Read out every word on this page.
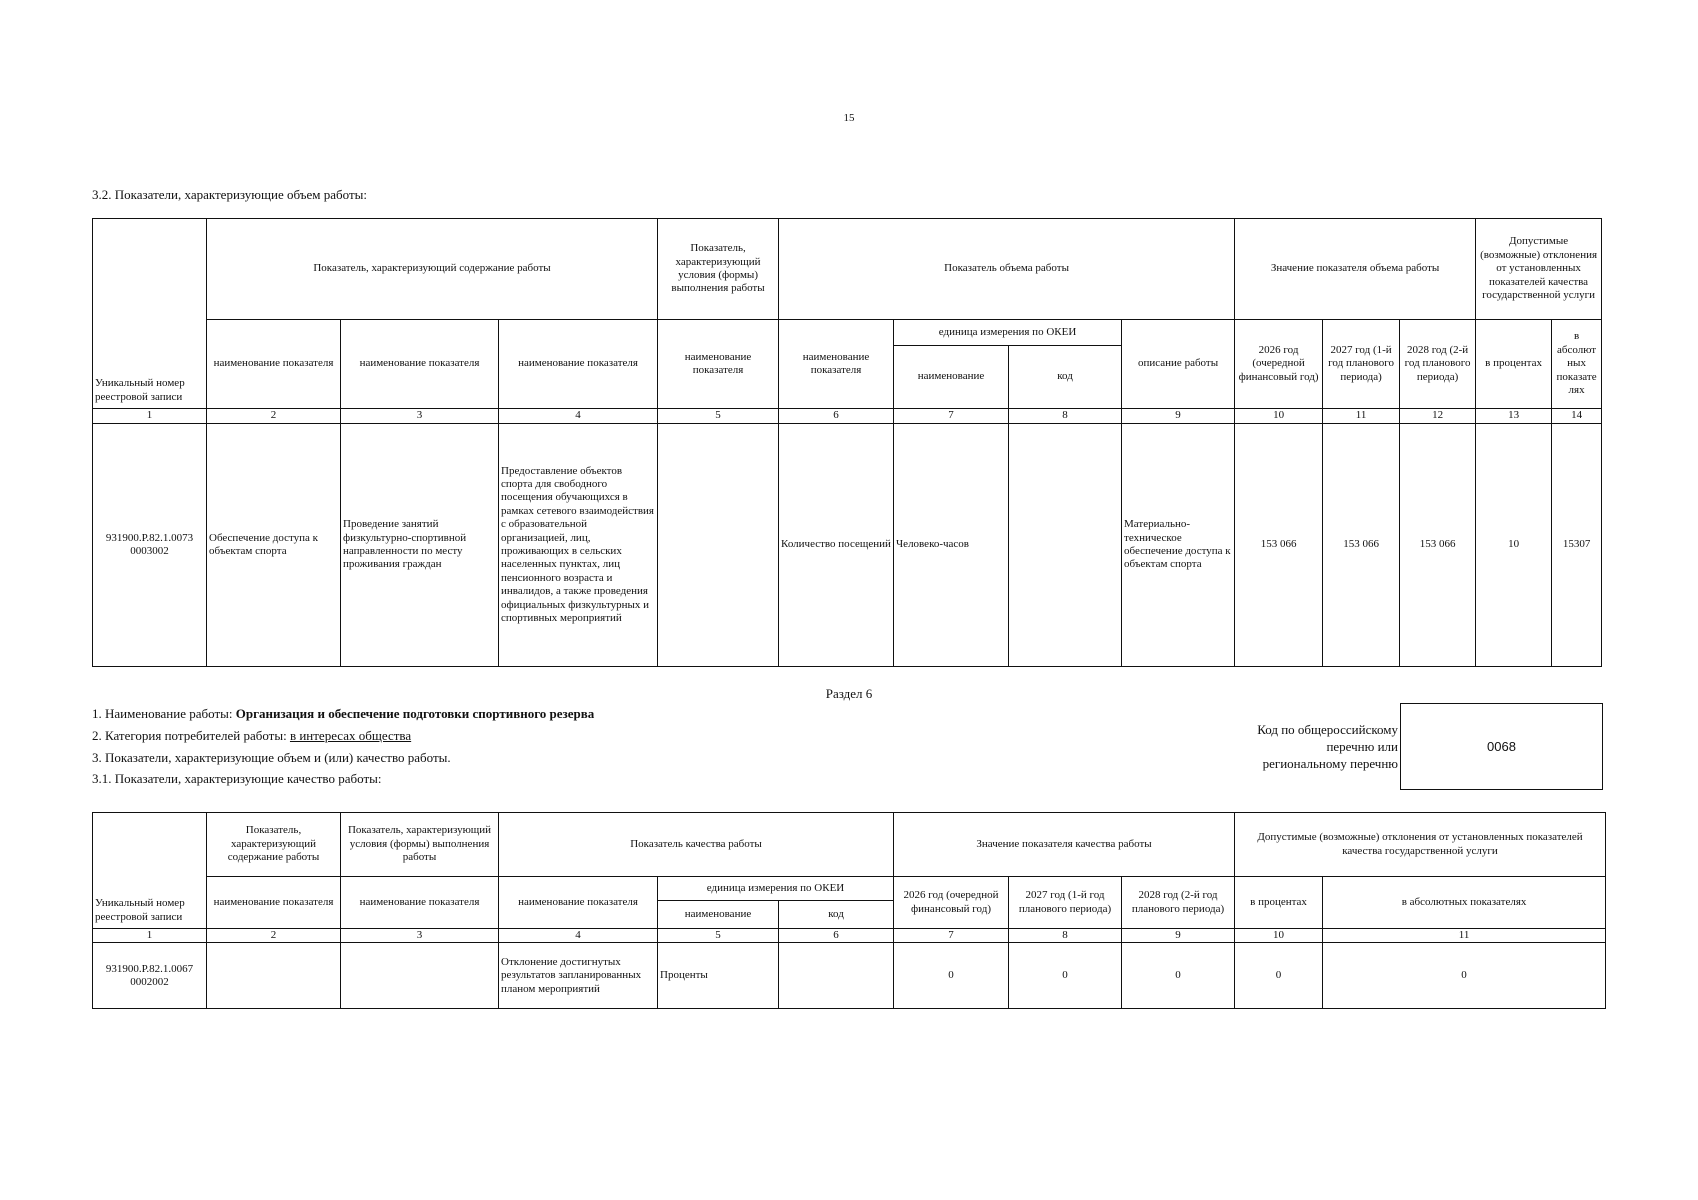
15
3.2. Показатели, характеризующие объем работы:
Уникальный номер реестровой записи	Показатель, характеризующий содержание работы			Показатель, характеризующий условия (формы) выполнения работы	Показатель объема работы				Значение показателя объема работы			Допустимые (возможные) отклонения от установленных показателей качества государственной услуги	
	наименование показателя	наименование показателя	наименование показателя	наименование показателя	наименование показателя	единица измерения по ОКЕИ		описание работы	2026 год (очередной финансовый год)	2027 год (1-й год планового периода)	2028 год (2-й год планового периода)	в процентах	в абсолют ных показате лях
						наименование	код						
1	2	3	4	5	6	7	8	9	10	11	12	13	14
931900.Р.82.1.0073 0003002	Обеспечение доступа к объектам спорта	Проведение занятий физкультурно-спортивной направленности по месту проживания граждан	Предоставление объектов спорта для свободного посещения обучающихся в рамках сетевого взаимодействия с образовательной организацией, лиц, проживающих в сельских населенных пунктах, лиц пенсионного возраста и инвалидов, а также проведения официальных физкультурных и спортивных мероприятий		Количество посещений	Человеко-часов		Материально-техническое обеспечение доступа к объектам спорта	153 066	153 066	153 066	10	15307
Раздел 6
1. Наименование работы: Организация и обеспечение подготовки спортивного резерва
2. Категория потребителей работы: в интересах общества
3. Показатели, характеризующие объем и (или) качество работы.
3.1. Показатели, характеризующие качество работы:
Код по общероссийскому
перечню или
региональному перечню
0068
Уникальный номер реестровой записи	Показатель, характеризующий содержание работы	Показатель, характеризующий условия (формы) выполнения работы	Показатель качества работы			Значение показателя качества работы			Допустимые (возможные) отклонения от установленных показателей качества государственной услуги	
	наименование показателя	наименование показателя	наименование показателя	единица измерения по ОКЕИ		2026 год (очередной финансовый год)	2027 год (1-й год планового периода)	2028 год (2-й год планового периода)	в процентах	в абсолютных показателях
				наименование	код					
1	2	3	4	5	6	7	8	9	10	11
931900.Р.82.1.0067 0002002			Отклонение достигнутых результатов запланированных планом мероприятий	Проценты		0	0	0	0	0
